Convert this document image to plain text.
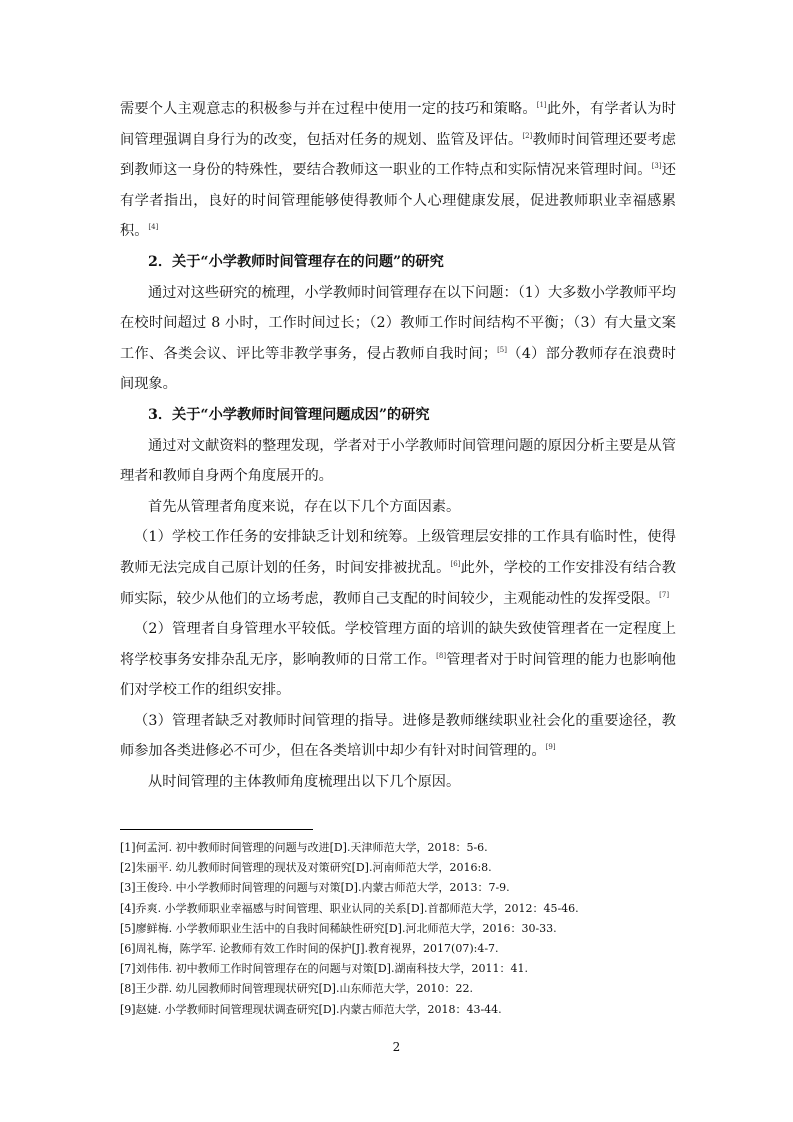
需要个人主观意志的积极参与并在过程中使用一定的技巧和策略。[1]此外，有学者认为时间管理强调自身行为的改变，包括对任务的规划、监管及评估。[2]教师时间管理还要考虑到教师这一身份的特殊性，要结合教师这一职业的工作特点和实际情况来管理时间。[3]还有学者指出，良好的时间管理能够使得教师个人心理健康发展，促进教师职业幸福感累积。[4]

2．关于“小学教师时间管理存在的问题”的研究

通过对这些研究的梳理，小学教师时间管理存在以下问题：（1）大多数小学教师平均在校时间超过 8 小时，工作时间过长；（2）教师工作时间结构不平衡；（3）有大量文案工作、各类会议、评比等非教学事务，侵占教师自我时间；[5]（4）部分教师存在浪费时间现象。

3．关于“小学教师时间管理问题成因”的研究

通过对文献资料的整理发现，学者对于小学教师时间管理问题的原因分析主要是从管理者和教师自身两个角度展开的。

首先从管理者角度来说，存在以下几个方面因素。

（1）学校工作任务的安排缺乏计划和统筹。上级管理层安排的工作具有临时性，使得教师无法完成自己原计划的任务，时间安排被扰乱。[6]此外，学校的工作安排没有结合教师实际，较少从他们的立场考虑，教师自己支配的时间较少，主观能动性的发挥受限。[7]

（2）管理者自身管理水平较低。学校管理方面的培训的缺失致使管理者在一定程度上将学校事务安排杂乱无序，影响教师的日常工作。[8]管理者对于时间管理的能力也影响他们对学校工作的组织安排。

（3）管理者缺乏对教师时间管理的指导。进修是教师继续职业社会化的重要途径，教师参加各类进修必不可少，但在各类培训中却少有针对时间管理的。[9]

从时间管理的主体教师角度梳理出以下几个原因。

[1]何孟河. 初中教师时间管理的问题与改进[D].天津师范大学，2018：5-6.
[2]朱丽平. 幼儿教师时间管理的现状及对策研究[D].河南师范大学，2016:8.
[3]王俊玲. 中小学教师时间管理的问题与对策[D].内蒙古师范大学，2013：7-9.
[4]乔爽. 小学教师职业幸福感与时间管理、职业认同的关系[D].首都师范大学，2012：45-46.
[5]廖鲜梅. 小学教师职业生活中的自我时间稀缺性研究[D].河北师范大学，2016：30-33.
[6]周礼梅，陈学军. 论教师有效工作时间的保护[J].教育视界，2017(07):4-7.
[7]刘伟伟. 初中教师工作时间管理存在的问题与对策[D].湖南科技大学，2011：41.
[8]王少群. 幼儿园教师时间管理现状研究[D].山东师范大学，2010：22.
[9]赵婕. 小学教师时间管理现状调查研究[D].内蒙古师范大学，2018：43-44.
2
